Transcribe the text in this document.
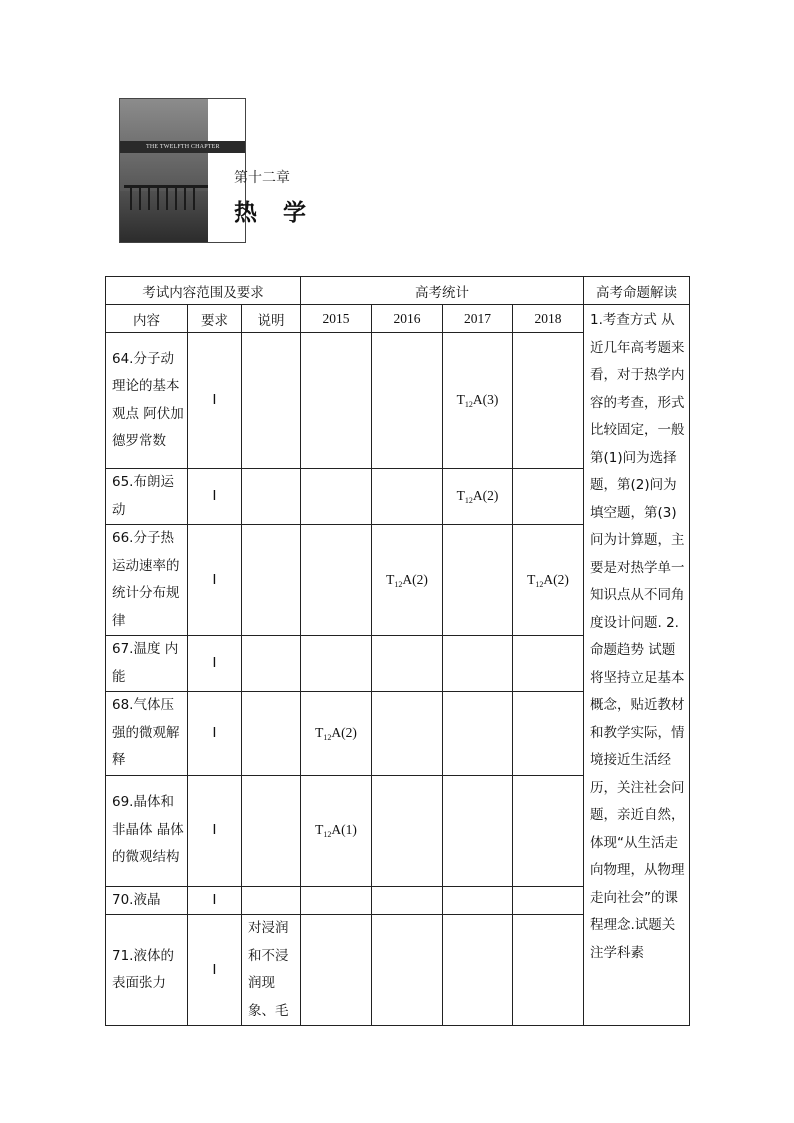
THE TWELFTH CHAPTER
第十二章
热 学
考试内容范围及要求			高考统计				高考命题解读
内容	要求	说明	2015	2016	2017	2018	1.考查方式 从近几年高考题来看，对于热学内容的考查，形式比较固定，一般第(1)问为选择题，第(2)问为填空题，第(3)问为计算题，主要是对热学单一知识点从不同角度设计问题. 2.命题趋势 试题将坚持立足基本概念，贴近教材和教学实际，情境接近生活经历，关注社会问题，亲近自然，体现“从生活走向物理，从物理走向社会”的课程理念.试题关注学科素
64.分子动理论的基本观点 阿伏加德罗常数	Ⅰ				$T_{12}A(3)$		
65.布朗运动	Ⅰ				$T_{12}A(2)$		
66.分子热运动速率的统计分布规律	Ⅰ			$T_{12}A(2)$		$T_{12}A(2)$	
67.温度 内能	Ⅰ						
68.气体压强的微观解释	Ⅰ		$T_{12}A(2)$				
69.晶体和非晶体 晶体的微观结构	Ⅰ		$T_{12}A(1)$				
70.液晶	Ⅰ						
71.液体的表面张力	Ⅰ	对浸润和不浸润现象、毛					
